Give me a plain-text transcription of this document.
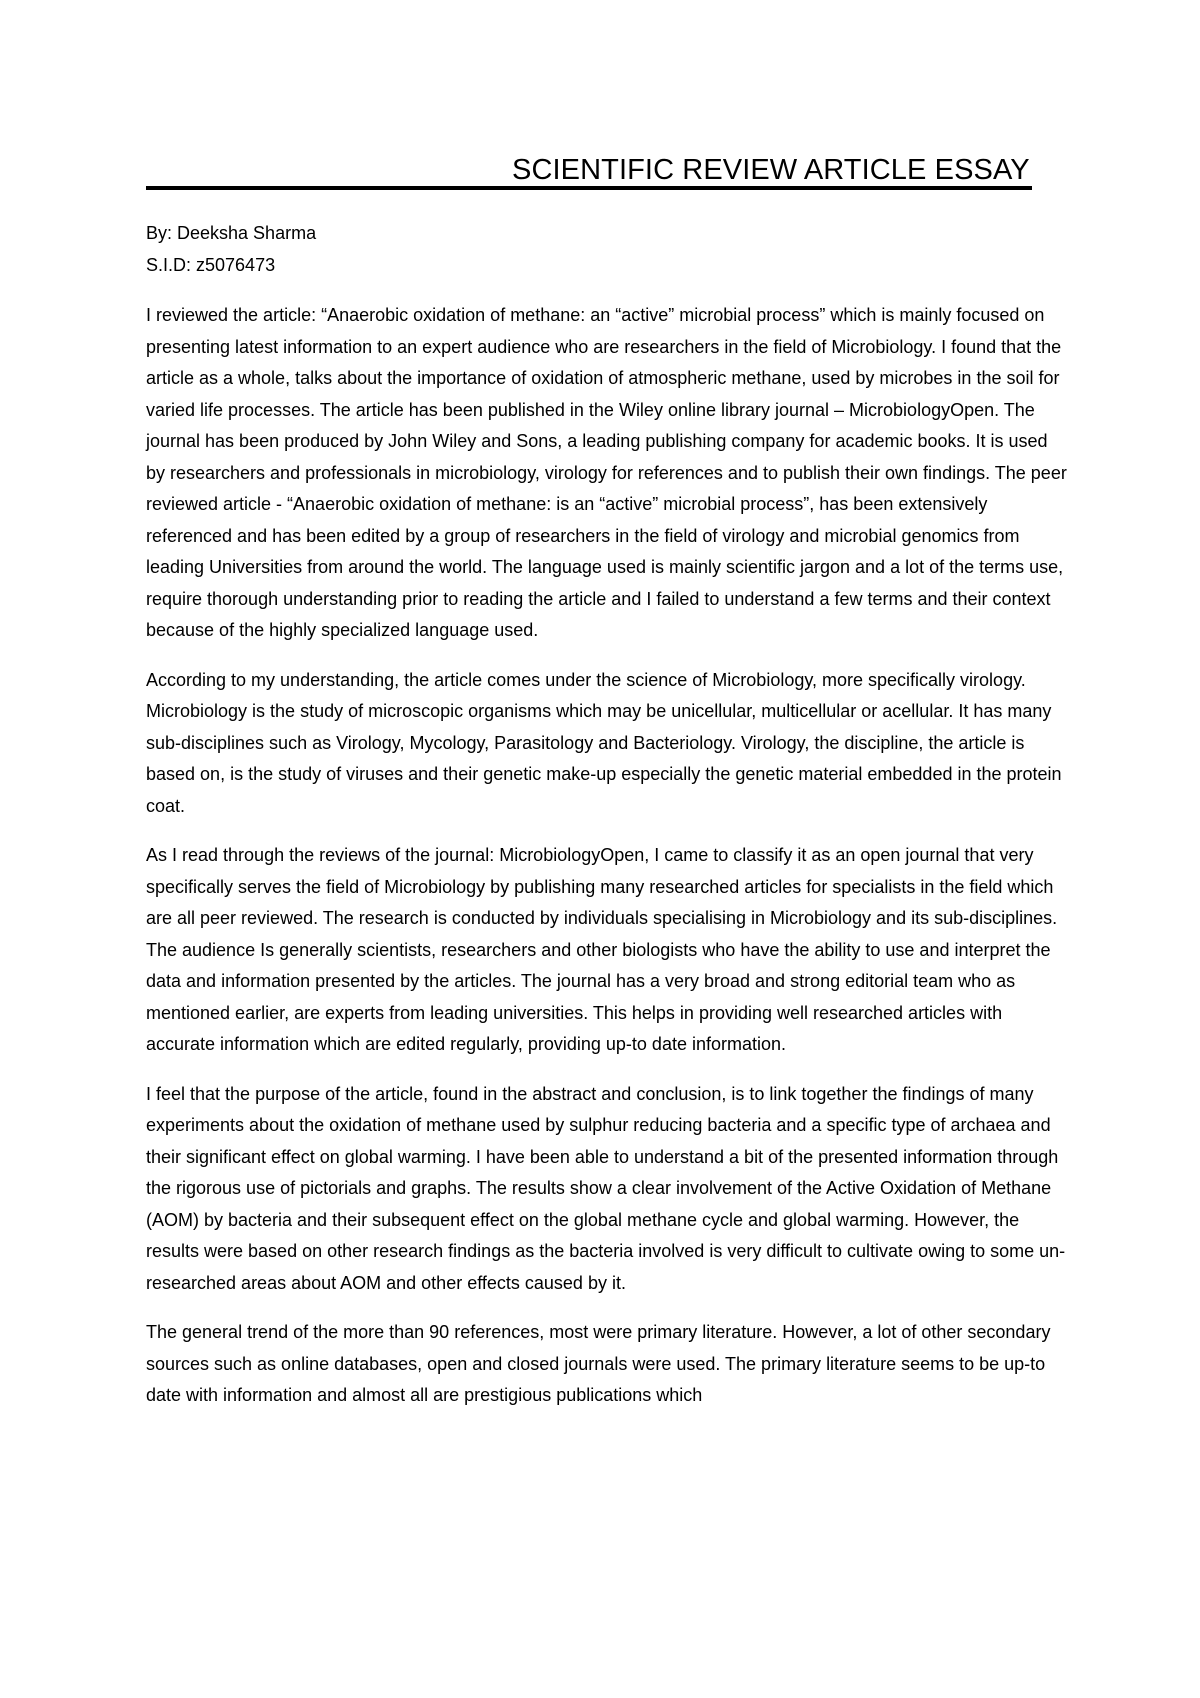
SCIENTIFIC REVIEW ARTICLE ESSAY

By: Deeksha Sharma

S.I.D: z5076473

I reviewed the article: “Anaerobic oxidation of methane: an “active” microbial process” which is mainly focused on presenting latest information to an expert audience who are researchers in the field of Microbiology. I found that the article as a whole, talks about the importance of oxidation of atmospheric methane, used by microbes in the soil for varied life processes. The article has been published in the Wiley online library journal – MicrobiologyOpen. The journal has been produced by John Wiley and Sons, a leading publishing company for academic books. It is used by researchers and professionals in microbiology, virology for references and to publish their own findings. The peer reviewed article - “Anaerobic oxidation of methane: is an “active” microbial process”, has been extensively referenced and has been edited by a group of researchers in the field of virology and microbial genomics from leading Universities from around the world. The language used is mainly scientific jargon and a lot of the terms use, require thorough understanding prior to reading the article and I failed to understand a few terms and their context because of the highly specialized language used.

According to my understanding, the article comes under the science of Microbiology, more specifically virology. Microbiology is the study of microscopic organisms which may be unicellular, multicellular or acellular. It has many sub-disciplines such as Virology, Mycology, Parasitology and Bacteriology. Virology, the discipline, the article is based on, is the study of viruses and their genetic make-up especially the genetic material embedded in the protein coat.

As I read through the reviews of the journal: MicrobiologyOpen, I came to classify it as an open journal that very specifically serves the field of Microbiology by publishing many researched articles for specialists in the field which are all peer reviewed. The research is conducted by individuals specialising in Microbiology and its sub-disciplines. The audience Is generally scientists, researchers and other biologists who have the ability to use and interpret the data and information presented by the articles. The journal has a very broad and strong editorial team who as mentioned earlier, are experts from leading universities. This helps in providing well researched articles with accurate information which are edited regularly, providing up-to date information.

I feel that the purpose of the article, found in the abstract and conclusion, is to link together the findings of many experiments about the oxidation of methane used by sulphur reducing bacteria and a specific type of archaea and their significant effect on global warming. I have been able to understand a bit of the presented information through the rigorous use of pictorials and graphs. The results show a clear involvement of the Active Oxidation of Methane (AOM) by bacteria and their subsequent effect on the global methane cycle and global warming. However, the results were based on other research findings as the bacteria involved is very difficult to cultivate owing to some un-researched areas about AOM and other effects caused by it.

The general trend of the more than 90 references, most were primary literature. However, a lot of other secondary sources such as online databases, open and closed journals were used. The primary literature seems to be up-to date with information and almost all are prestigious publications which
